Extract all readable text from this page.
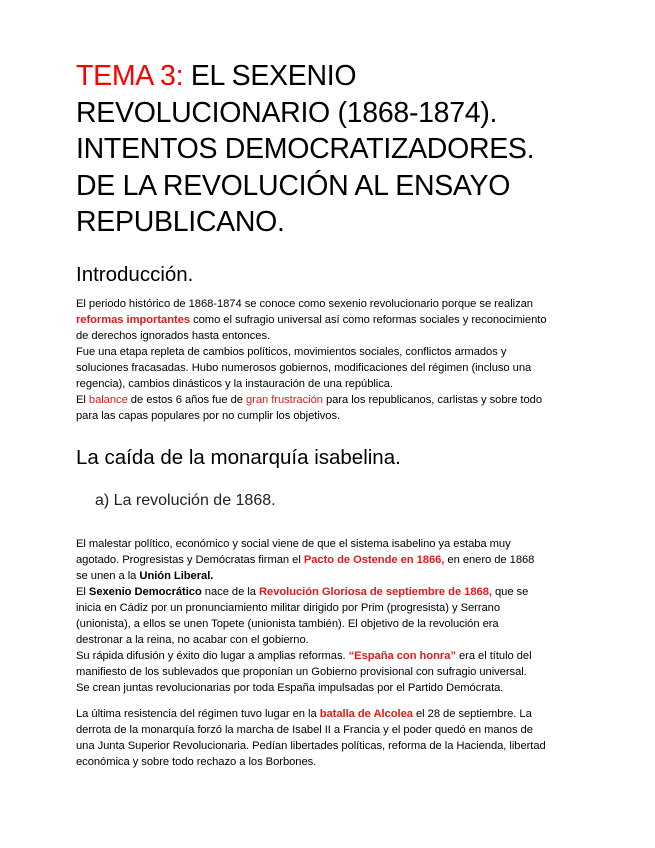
TEMA 3: EL SEXENIO
REVOLUCIONARIO (1868-1874).
INTENTOS DEMOCRATIZADORES.
DE LA REVOLUCIÓN AL ENSAYO
REPUBLICANO.
Introducción.
El periodo histórico de 1868-1874 se conoce como sexenio revolucionario porque se realizan
reformas importantes como el sufragio universal así como reformas sociales y reconocimiento
de derechos ignorados hasta entonces.
Fue una etapa repleta de cambios políticos, movimientos sociales, conflictos armados y
soluciones fracasadas. Hubo numerosos gobiernos, modificaciones del régimen (incluso una
regencia), cambios dinásticos y la instauración de una república.
El balance de estos 6 años fue de gran frustración para los republicanos, carlistas y sobre todo
para las capas populares por no cumplir los objetivos.
La caída de la monarquía isabelina.
a) La revolución de 1868.
El malestar político, económico y social viene de que el sistema isabelino ya estaba muy
agotado. Progresistas y Demócratas firman el Pacto de Ostende en 1866, en enero de 1868
se unen a la Unión Liberal.
El Sexenio Democrático nace de la Revolución Gloriosa de septiembre de 1868, que se
inicia en Cádiz por un pronunciamiento militar dirigido por Prim (progresista) y Serrano
(unionista), a ellos se unen Topete (unionista también). El objetivo de la revolución era
destronar a la reina, no acabar con el gobierno.
Su rápida difusión y éxito dio lugar a amplias reformas. “España con honra” era el título del
manifiesto de los sublevados que proponían un Gobierno provisional con sufragio universal.
Se crean juntas revolucionarias por toda España impulsadas por el Partido Demócrata.
La última resistencia del régimen tuvo lugar en la batalla de Alcolea el 28 de septiembre. La
derrota de la monarquía forzó la marcha de Isabel II a Francia y el poder quedó en manos de
una Junta Superior Revolucionaria. Pedían libertades políticas, reforma de la Hacienda, libertad
económica y sobre todo rechazo a los Borbones.
